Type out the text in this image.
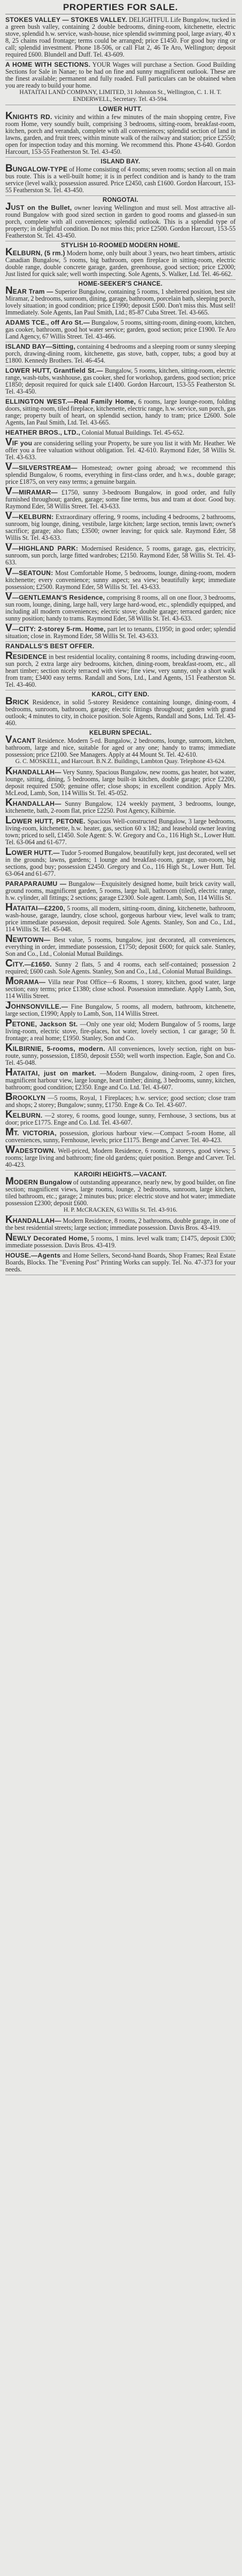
PROPERTIES FOR SALE.
STOKES VALLEY — STOKES VALLEY. DELIGHTFUL Life Bungalow, tucked in a green bush valley, containing 2 double bedrooms, dining-room, kitchenette, electric stove, splendid h.w. service, wash-house, nice splendid swimming pool, large aviary, 40 x 8, 25 chains road frontage; terms could be arranged; price £1450. For good buy ring or call; splendid investment. Phone 18-506, or call Flat 2, 46 Te Aro, Wellington; deposit required £600. Blundell and Duff. Tel. 43-609.
A HOME WITH SECTIONS. YOUR Wages will purchase a Section. Good Building Sections for Sale in Nanae; to be had on fine and sunny magnificent outlook. These are the finest available; permanent and fully roaded. Full particulars can be obtained when you are ready to build your home.
HATAITAI LAND COMPANY, LIMITED, 31 Johnston St., Wellington, C. 1. H. T. ENDERWELL, Secretary. Tel. 43-594.
LOWER HUTT.
KNIGHTS RD. vicinity and within a few minutes of the main shopping centre, Five room Home, very soundly built, comprising 3 bedrooms, sitting-room, breakfast-room, kitchen, porch and verandah, complete with all conveniences; splendid section of land in lawns, garden, and fruit trees; within minute walk of the railway and station; price £2550; open for inspection today and this morning. We recommend this. Phone 43-640. Gordon Harcourt, 153-55 Featherston St. Tel. 43-450.
ISLAND BAY.
BUNGALOW-TYPE of Home consisting of 4 rooms; seven rooms; section all on main bus route. This is a well-built home; it is in perfect condition and is handy to the tram service (level walk); possession assured. Price £2450, cash £1600. Gordon Harcourt, 153-55 Featherston St. Tel. 43-450.
RONGOTAI.
JUST on the Bullet, owner leaving Wellington and must sell. Most attractive all-round Bungalow with good sized section in garden to good rooms and glassed-in sun porch, complete with all conveniences; splendid outlook. This is a splendid type of property; in delightful condition. Do not miss this; price £2500. Gordon Harcourt, 153-55 Featherston St. Tel. 43-450.
STYLISH 10-ROOMED MODERN HOME.
KELBURN, (5 rm.) Modern home, only built about 3 years, two heart timbers, artistic Canadian Bungalow, 5 rooms, big bathroom, open fireplace in sitting-room, electric double range, double concrete garage, garden, greenhouse, good section; price £2000; Just listed for quick sale; well worth inspecting. Sole Agents, S. Walker, Ltd. Tel. 46-662.
HOME-SEEKER'S CHANCE.
NEAR Tram — Superior Bungalow, containing 5 rooms, 1 sheltered position, best site Miramar, 2 bedrooms, sunroom, dining, garage, bathroom, porcelain bath, sleeping porch, lovely situation; in good condition; price £1990; deposit £500. Don't miss this. Must sell! Immediately. Sole Agents, Ian Paul Smith, Ltd.; 85-87 Cuba Street. Tel. 43-665.
ADAMS TCE., off Aro St.— Bungalow, 5 rooms, sitting-room, dining-room, kitchen, gas cooker, bathroom, good hot water service; garden, good section; price £1900. Te Aro Land Agency, 67 Willis Street. Tel. 43-466.
ISLAND BAY—Sitting, containing 4 bedrooms and a sleeping room or sunny sleeping porch, drawing-dining room, kitchenette, gas stove, bath, copper, tubs; a good buy at £1800. Kennedy Brothers. Tel. 46-454.
LOWER HUTT, Grantfield St.— Bungalow, 5 rooms, kitchen, sitting-room, electric range, wash-tubs, washhouse, gas cooker, shed for workshop, gardens, good section; price £1850; deposit required for quick sale £1400. Gordon Harcourt, 153-55 Featherston St. Tel. 43-450.
ELLINGTON WEST.—Real Family Home, 6 rooms, large lounge-room, folding doors, sitting-room, tiled fireplace, kitchenette, electric range, h.w. service, sun porch, gas range; property built of heart, on splendid section, handy to tram; price £2600. Sole Agents, Ian Paul Smith, Ltd. Tel. 43-665.
HEATHER BROS., LTD., Colonial Mutual Buildings. Tel. 45-652.
VIF you are considering selling your Property, be sure you list it with Mr. Heather. We offer you a free valuation without obligation. Tel. 42-610. Raymond Eder, 58 Willis St. Tel. 43-633.
V—SILVERSTREAM— Homestead; owner going abroad; we recommend this splendid Bungalow, 6 rooms, everything in first-class order, and h.w.s., double garage; price £1875, on very easy terms; a genuine bargain.
V—MIRAMAR— £1750, sunny 3-bedroom Bungalow, in good order, and fully furnished throughout; garden, garage; some fine terms, bus and tram at door. Good buy. Raymond Eder, 58 Willis Street. Tel. 43-633.
V—KELBURN: Extraordinary offering, 9 rooms, including 4 bedrooms, 2 bathrooms, sunroom, big lounge, dining, vestibule, large kitchen; large section, tennis lawn; owner's sacrifice; garage; also flats; £3500; owner leaving; for quick sale. Raymond Eder, 58 Willis St. Tel. 43-633.
V—HIGHLAND PARK: Modernised Residence, 5 rooms, garage, gas, electricity, sunroom, sun porch, large fitted wardrobes; £2150. Raymond Eder, 58 Willis St. Tel. 43-633.
V—SEATOUN: Most Comfortable Home, 5 bedrooms, lounge, dining-room, modern kitchenette; every convenience; sunny aspect; sea view; beautifully kept; immediate possession; £2500. Raymond Eder, 58 Willis St. Tel. 43-633.
V—GENTLEMAN'S Residence, comprising 8 rooms, all on one floor, 3 bedrooms, sun room, lounge, dining, large hall, very large hard-wood, etc., splendidly equipped, and including all modern conveniences; electric stove; double garage; terraced garden; nice sunny position; handy to trams. Raymond Eder, 58 Willis St. Tel. 43-633.
V—CITY: 2-storey 5-rm. Home, part let to tenants, £1950; in good order; splendid situation; close in. Raymond Eder, 58 Willis St. Tel. 43-633.
RANDALLS'S BEST OFFER.
RESIDENCE in best residential locality, containing 8 rooms, including drawing-room, sun porch, 2 extra large airy bedrooms, kitchen, dining-room, breakfast-room, etc., all heart timber; section nicely terraced with view; fine view, very sunny, only a short walk from tram; £3400 easy terms. Randall and Sons, Ltd., Land Agents, 151 Featherston St. Tel. 43-460.
KAROL, CITY END.
BRICK Residence, in solid 5-storey Residence containing lounge, dining-room, 4 bedrooms, sunroom, bathroom, garage; electric fittings throughout; garden with grand outlook; 4 minutes to city, in choice position. Sole Agents, Randall and Sons, Ltd. Tel. 43-460.
KELBURN SPECIAL.
VACANT Residence. Modern 5-rd. Bungalow, 2 bedrooms, lounge, sunroom, kitchen, bathroom, large and nice, suitable for aged or any one; handy to trams; immediate possession; price £2100. See Managers. Apply at 44 Mount St. Tel. 42-610.
G. C. MOSKELL, and Harcourt. B.N.Z. Buildings, Lambton Quay. Telephone 43-624.
KHANDALLAH— Very Sunny, Spacious Bungalow, new rooms, gas heater, hot water, lounge, sitting, dining, 5 bedrooms, large built-in kitchen, double garage; price £2200, deposit required £500; genuine offer; close shops; in excellent condition. Apply Mrs. McLeod, Lamb, Son, 114 Willis St. Tel. 45-052.
KHANDALLAH— Sunny Bungalow, 124 weekly payment, 3 bedrooms, lounge, kitchenette, bath, 2-room flat, price £2250. Post Agency, Kilbirnie.
LOWER HUTT, PETONE. Spacious Well-constructed Bungalow, 3 large bedrooms, living-room, kitchenette, h.w. heater, gas, section 60 x 182; and leasehold owner leaving town; priced to sell, £1450. Sole Agent: S. W. Gregory and Co., 116 High St., Lower Hutt. Tel. 63-064 and 61-677.
LOWER HUTT.— Tudor 5-roomed Bungalow, beautifully kept, just decorated, well set in the grounds; lawns, gardens; 1 lounge and breakfast-room, garage, sun-room, big sections, good buy; possession £2450. Gregory and Co., 116 High St., Lower Hutt. Tel. 63-064 and 61-677.
PARAPARAUMU — Bungalow—Exquisitely designed home, built brick cavity wall, ground rooms, magnificent garden, 5 rooms, large hall, bathroom (tiled), electric range, h.w. cylinder, all fittings; 2 sections; garage £2300. Sole agent. Lamb, Son, 114 Willis St.
HATAITAI—£2200, 5 rooms, all modern, sitting-room, dining, kitchenette, bathroom, wash-house, garage, laundry, close school, gorgeous harbour view, level walk to tram; price immediate possession, deposit required. Sole Agents. Stanley, Son and Co., Ltd., 114 Willis St. Tel. 45-048.
NEWTOWN— Best value, 5 rooms, bungalow, just decorated, all conveniences, everything in order, immediate possession, £1750; deposit £600; for quick sale. Stanley, Son and Co., Ltd., Colonial Mutual Buildings.
CITY.—£1650. Sunny 2 flats, 5 and 4 rooms, each self-contained; possession 2 required; £600 cash. Sole Agents. Stanley, Son and Co., Ltd., Colonial Mutual Buildings.
MORAMA— Villa near Post Office—6 Rooms, 1 storey, kitchen, good water, large section; easy terms; price £1380; close school. Possession immediate. Apply Lamb, Son, 114 Willis Street.
JOHNSONVILLE.— Fine Bungalow, 5 rooms, all modern, bathroom, kitchenette, large section, £1990; Apply to Lamb, Son, 114 Willis Street.
PETONE, Jackson St. —Only one year old; Modern Bungalow of 5 rooms, large living-room, electric stove, fire-places, hot water, lovely section, 1 car garage; 50 ft. frontage; a real home; £1950. Stanley, Son and Co.
KILBIRNIE, 5-rooms, modern. All conveniences, lovely section, right on bus-route, sunny, possession, £1850, deposit £550; well worth inspection. Eagle, Son and Co. Tel. 45-048.
HATAITAI, just on market. —Modern Bungalow, dining-room, 2 open fires, magnificent harbour view, large lounge, heart timber; dining, 3 bedrooms, sunny, kitchen, bathroom; good condition; £2350. Enge and Co. Ltd. Tel. 43-607.
BROOKLYN —5 rooms, Royal, 1 Fireplaces; h.w. service; good section; close tram and shops; 2 storey; Bungalow; sunny, £1750. Enge & Co. Tel. 43-607.
KELBURN. —2 storey, 6 rooms, good lounge, sunny, Fernhouse, 3 sections, bus at door; price £1775. Enge and Co. Ltd. Tel. 43-607.
MT. VICTORIA, possession, glorious harbour view.—Compact 5-room Home, all conveniences, sunny, Fernhouse, levels; price £1175. Benge and Carver. Tel. 40-423.
WADESTOWN. Well-priced, Modern Residence, 6 rooms, 2 storeys, good views; 5 rooms; large living and bathroom; fine old gardens; quiet position. Benge and Carver. Tel. 40-423.
KAROIRI HEIGHTS.—VACANT.
MODERN Bungalow of outstanding appearance, nearly new, by good builder, on fine section; magnificent views, large rooms, lounge, 2 bedrooms, sunroom, large kitchen, tiled bathroom, etc.; garage; 2 minutes bus; price: electric stove and hot water; immediate possession £2300; deposit £600.
H. P. McCRACKEN, 63 Willis St. Tel. 43-916.
KHANDALLAH— Modern Residence, 8 rooms, 2 bathrooms, double garage, in one of the best residential streets; large section; immediate possession. Davis Bros. 43-419.
NEWLY Decorated Home, 5 rooms, 1 mins. level walk tram; £1475, deposit £300; immediate possession. Davis Bros. 43-419.
HOUSE.—Agents and Home Sellers, Second-hand Boards, Shop Frames; Real Estate Boards, Blocks. The "Evening Post" Printing Works can supply. Tel. No. 47-373 for your needs.
